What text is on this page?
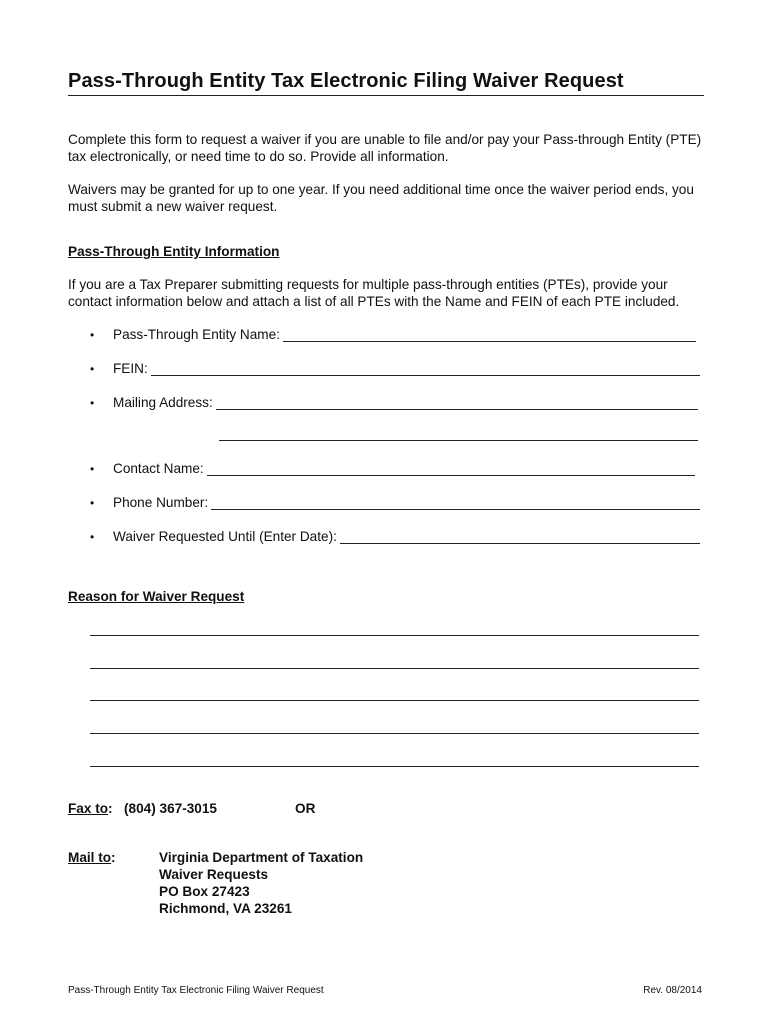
Pass-Through Entity Tax Electronic Filing Waiver Request
Complete this form to request a waiver if you are unable to file and/or pay your Pass-through Entity (PTE) tax electronically, or need time to do so. Provide all information.
Waivers may be granted for up to one year. If you need additional time once the waiver period ends, you must submit a new waiver request.
Pass-Through Entity Information
If you are a Tax Preparer submitting requests for multiple pass-through entities (PTEs), provide your contact information below and attach a list of all PTEs with the Name and FEIN of each PTE included.
•	Pass-Through Entity Name:
•	FEIN:
•	Mailing Address:
•	Contact Name:
•	Phone Number:
•	Waiver Requested Until (Enter Date):
Reason for Waiver Request
Fax to: (804) 367-3015	OR
Mail to:	Virginia Department of Taxation
Waiver Requests
PO Box 27423
Richmond, VA 23261
Pass-Through Entity Tax Electronic Filing Waiver Request	Rev. 08/2014
